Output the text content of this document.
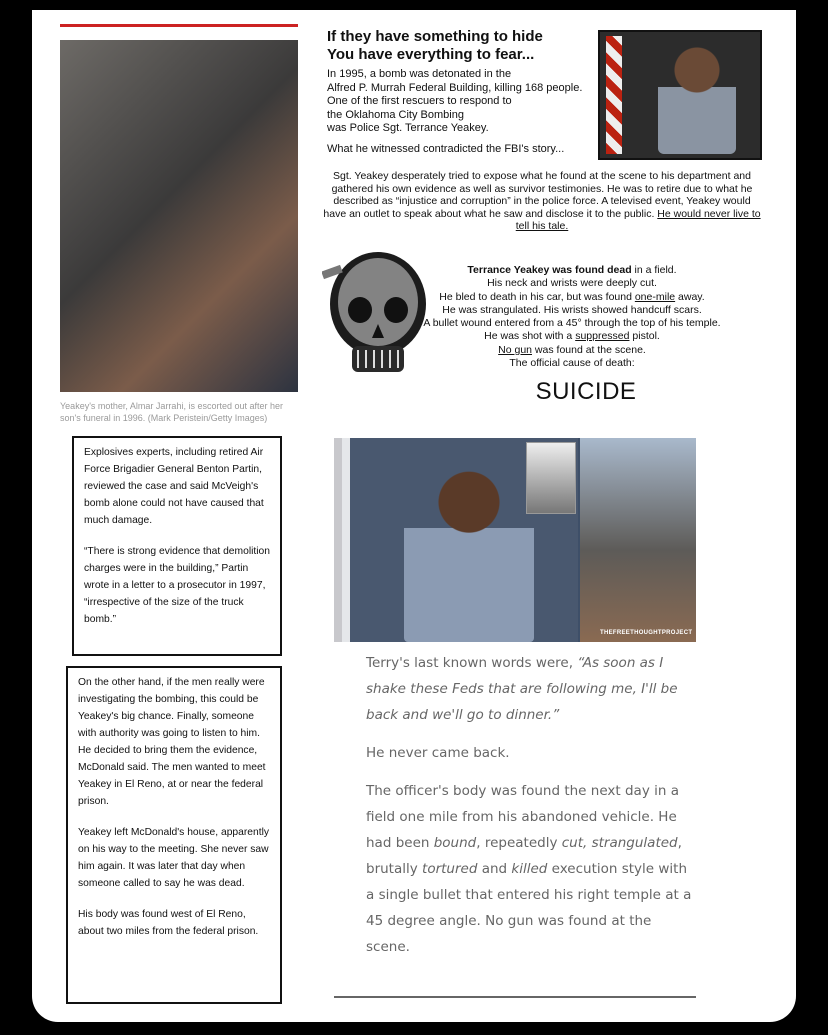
Yeakey's mother, Almar Jarrahi, is escorted out after her son's funeral in 1996. (Mark Peristein/Getty Images)
If they have something to hide
You have everything to fear...
In 1995, a bomb was detonated in the
Alfred P. Murrah Federal Building, killing 168 people.
One of the first rescuers to respond to
the Oklahoma City Bombing
was Police Sgt. Terrance Yeakey.
What he witnessed contradicted the FBI's story...
Sgt. Yeakey desperately tried to expose what he found at the scene to his department and gathered his own evidence as well as survivor testimonies. He was to retire due to what he described as “injustice and corruption” in the police force. A televised event, Yeakey would have an outlet to speak about what he saw and disclose it to the public. He would never live to tell his tale.
Terrance Yeakey was found dead in a field.
His neck and wrists were deeply cut.
He bled to death in his car, but was found one-mile away.
He was strangulated. His wrists showed handcuff scars.
A bullet wound entered from a 45° through the top of his temple.
He was shot with a suppressed pistol.
No gun was found at the scene.
The official cause of death:
SUICIDE

Explosives experts, including retired Air Force Brigadier General Benton Partin, reviewed the case and said McVeigh's bomb alone could not have caused that much damage.

“There is strong evidence that demolition charges were in the building,” Partin wrote in a letter to a prosecutor in 1997, “irrespective of the size of the truck bomb.”

On the other hand, if the men really were investigating the bombing, this could be Yeakey's big chance. Finally, someone with authority was going to listen to him. He decided to bring them the evidence, McDonald said. The men wanted to meet Yeakey in El Reno, at or near the federal prison.

Yeakey left McDonald's house, apparently on his way to the meeting. She never saw him again. It was later that day when someone called to say he was dead.

His body was found west of El Reno, about two miles from the federal prison.

THEFREETHOUGHTPROJECT
Terry's last known words were, “As soon as I shake these Feds that are following me, I'll be back and we'll go to dinner.”
He never came back.
The officer's body was found the next day in a field one mile from his abandoned vehicle. He had been bound, repeatedly cut, strangulated, brutally tortured and killed execution style with a single bullet that entered his right temple at a 45 degree angle. No gun was found at the scene.
